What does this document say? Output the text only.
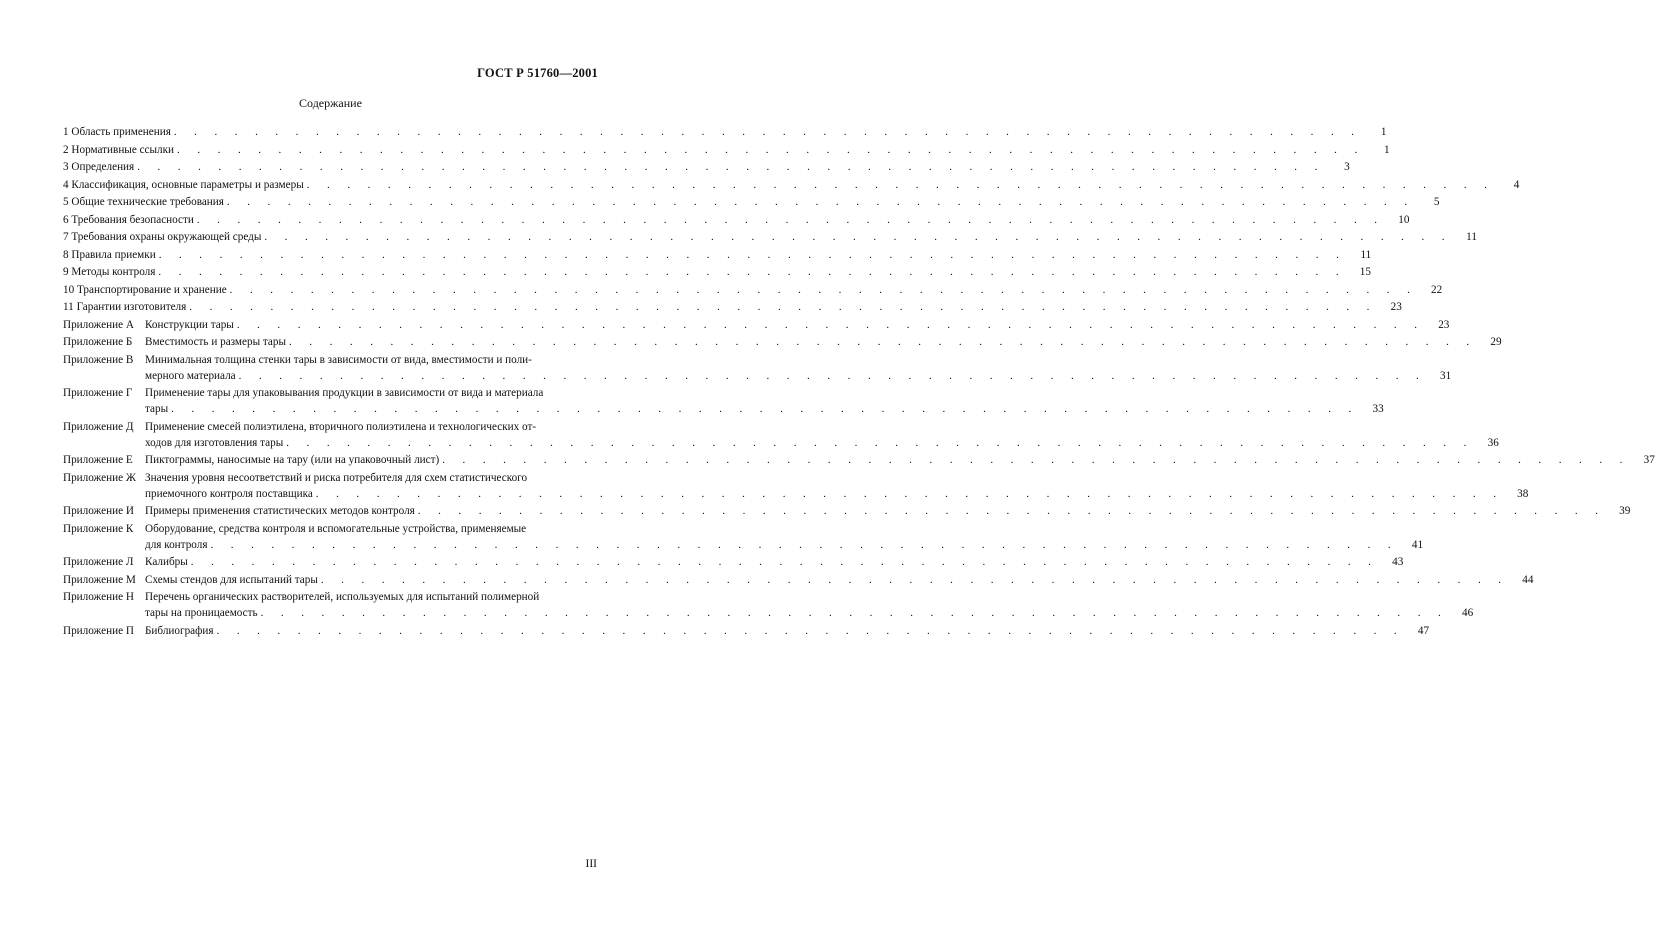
ГОСТ Р 51760—2001
Содержание
1 Область применения . . . . . . . . . . . . . . . . . . . . . . . . . . . . . . . . . . . . . . . . . . . . . . . . . . . . . . . . . . .	1
2 Нормативные ссылки . . . . . . . . . . . . . . . . . . . . . . . . . . . . . . . . . . . . . . . . . . . . . . . . . . . . . . . . . . .	1
3 Определения . . . . . . . . . . . . . . . . . . . . . . . . . . . . . . . . . . . . . . . . . . . . . . . . . . . . . . . . . . .	3
4 Классификация, основные параметры и размеры . . . . . . . . . . . . . . . . . . . . . . . . . . . . . . . . . . . . . . . . . . . . . . . . . . . . . . . . . . .	4
5 Общие технические требования . . . . . . . . . . . . . . . . . . . . . . . . . . . . . . . . . . . . . . . . . . . . . . . . . . . . . . . . . . .	5
6 Требования безопасности . . . . . . . . . . . . . . . . . . . . . . . . . . . . . . . . . . . . . . . . . . . . . . . . . . . . . . . . . . .	10
7 Требования охраны окружающей среды . . . . . . . . . . . . . . . . . . . . . . . . . . . . . . . . . . . . . . . . . . . . . . . . . . . . . . . . . . .	11
8 Правила приемки . . . . . . . . . . . . . . . . . . . . . . . . . . . . . . . . . . . . . . . . . . . . . . . . . . . . . . . . . . .	11
9 Методы контроля . . . . . . . . . . . . . . . . . . . . . . . . . . . . . . . . . . . . . . . . . . . . . . . . . . . . . . . . . . .	15
10 Транспортирование и хранение . . . . . . . . . . . . . . . . . . . . . . . . . . . . . . . . . . . . . . . . . . . . . . . . . . . . . . . . . . .	22
11 Гарантии изготовителя . . . . . . . . . . . . . . . . . . . . . . . . . . . . . . . . . . . . . . . . . . . . . . . . . . . . . . . . . . .	23
Приложение А Конструкции тары . . . . . . . . . . . . . . . . . . . . . . . . . . . . . . . . . . . . . . . . . . . . . . . . . . . . . . . . . . .	23
Приложение Б Вместимость и размеры тары . . . . . . . . . . . . . . . . . . . . . . . . . . . . . . . . . . . . . . . . . . . . . . . . . . . . . . . . . . .	29
Приложение В Минимальная толщина стенки тары в зависимости от вида, вместимости и поли-
мерного материала . . . . . . . . . . . . . . . . . . . . . . . . . . . . . . . . . . . . . . . . . . . . . . . . . . . . . . . . . . .	31
Приложение Г Применение тары для упаковывания продукции в зависимости от вида и материала
тары . . . . . . . . . . . . . . . . . . . . . . . . . . . . . . . . . . . . . . . . . . . . . . . . . . . . . . . . . . .	33
Приложение Д Применение смесей полиэтилена, вторичного полиэтилена и технологических от-
ходов для изготовления тары . . . . . . . . . . . . . . . . . . . . . . . . . . . . . . . . . . . . . . . . . . . . . . . . . . . . . . . . . . .	36
Приложение Е Пиктограммы, наносимые на тару (или на упаковочный лист) . . . . . . . . . . . . . . . . . . . . . . . . . . . . . . . . . . . . . . . . . . . . . . . . . . . . . . . . . . .	37
Приложение Ж Значения уровня несоответствий и риска потребителя для схем статистического
приемочного контроля поставщика . . . . . . . . . . . . . . . . . . . . . . . . . . . . . . . . . . . . . . . . . . . . . . . . . . . . . . . . . . .	38
Приложение И Примеры применения статистических методов контроля . . . . . . . . . . . . . . . . . . . . . . . . . . . . . . . . . . . . . . . . . . . . . . . . . . . . . . . . . . .	39
Приложение К Оборудование, средства контроля и вспомогательные устройства, применяемые
для контроля . . . . . . . . . . . . . . . . . . . . . . . . . . . . . . . . . . . . . . . . . . . . . . . . . . . . . . . . . . .	41
Приложение Л Калибры . . . . . . . . . . . . . . . . . . . . . . . . . . . . . . . . . . . . . . . . . . . . . . . . . . . . . . . . . . .	43
Приложение М Схемы стендов для испытаний тары . . . . . . . . . . . . . . . . . . . . . . . . . . . . . . . . . . . . . . . . . . . . . . . . . . . . . . . . . . .	44
Приложение Н Перечень органических растворителей, используемых для испытаний полимерной
тары на проницаемость . . . . . . . . . . . . . . . . . . . . . . . . . . . . . . . . . . . . . . . . . . . . . . . . . . . . . . . . . . .	46
Приложение П Библиография . . . . . . . . . . . . . . . . . . . . . . . . . . . . . . . . . . . . . . . . . . . . . . . . . . . . . . . . . . .	47
III
